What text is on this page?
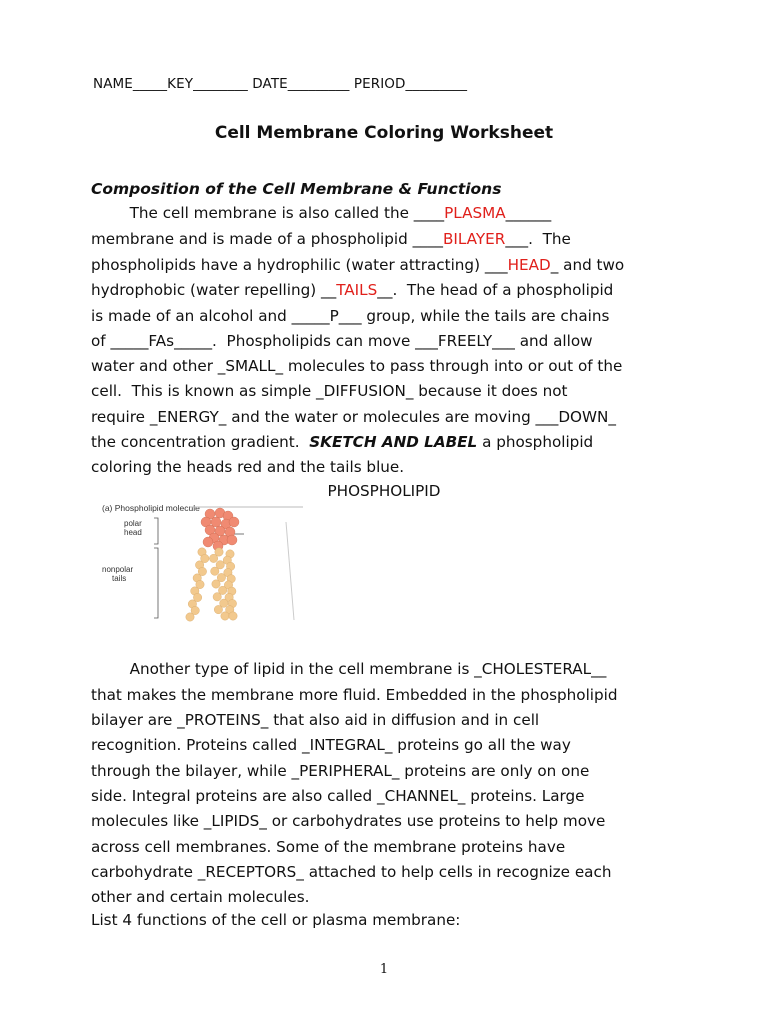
NAME_____KEY________ DATE_________ PERIOD_________
Cell Membrane Coloring Worksheet
Composition of the Cell Membrane & Functions
The cell membrane is also called the ____PLASMA______
membrane and is made of a phospholipid ____BILAYER___.  The
phospholipids have a hydrophilic (water attracting) ___HEAD_ and two
hydrophobic (water repelling) __TAILS__.  The head of a phospholipid
is made of an alcohol and _____P___ group, while the tails are chains
of _____FAs_____.  Phospholipids can move ___FREELY___ and allow
water and other _SMALL_ molecules to pass through into or out of the
cell.  This is known as simple _DIFFUSION_ because it does not
require _ENERGY_ and the water or molecules are moving ___DOWN_
the concentration gradient.  SKETCH AND LABEL a phospholipid
coloring the heads red and the tails blue.
PHOSPHOLIPID
(a) Phospholipid molecule
polar
head
nonpolar
tails
Another type of lipid in the cell membrane is _CHOLESTERAL__
that makes the membrane more fluid. Embedded in the phospholipid
bilayer are _PROTEINS_ that also aid in diffusion and in cell
recognition. Proteins called _INTEGRAL_ proteins go all the way
through the bilayer, while _PERIPHERAL_ proteins are only on one
side. Integral proteins are also called _CHANNEL_ proteins. Large
molecules like _LIPIDS_ or carbohydrates use proteins to help move
across cell membranes. Some of the membrane proteins have
carbohydrate _RECEPTORS_ attached to help cells in recognize each
other and certain molecules.
List 4 functions of the cell or plasma membrane:
1
